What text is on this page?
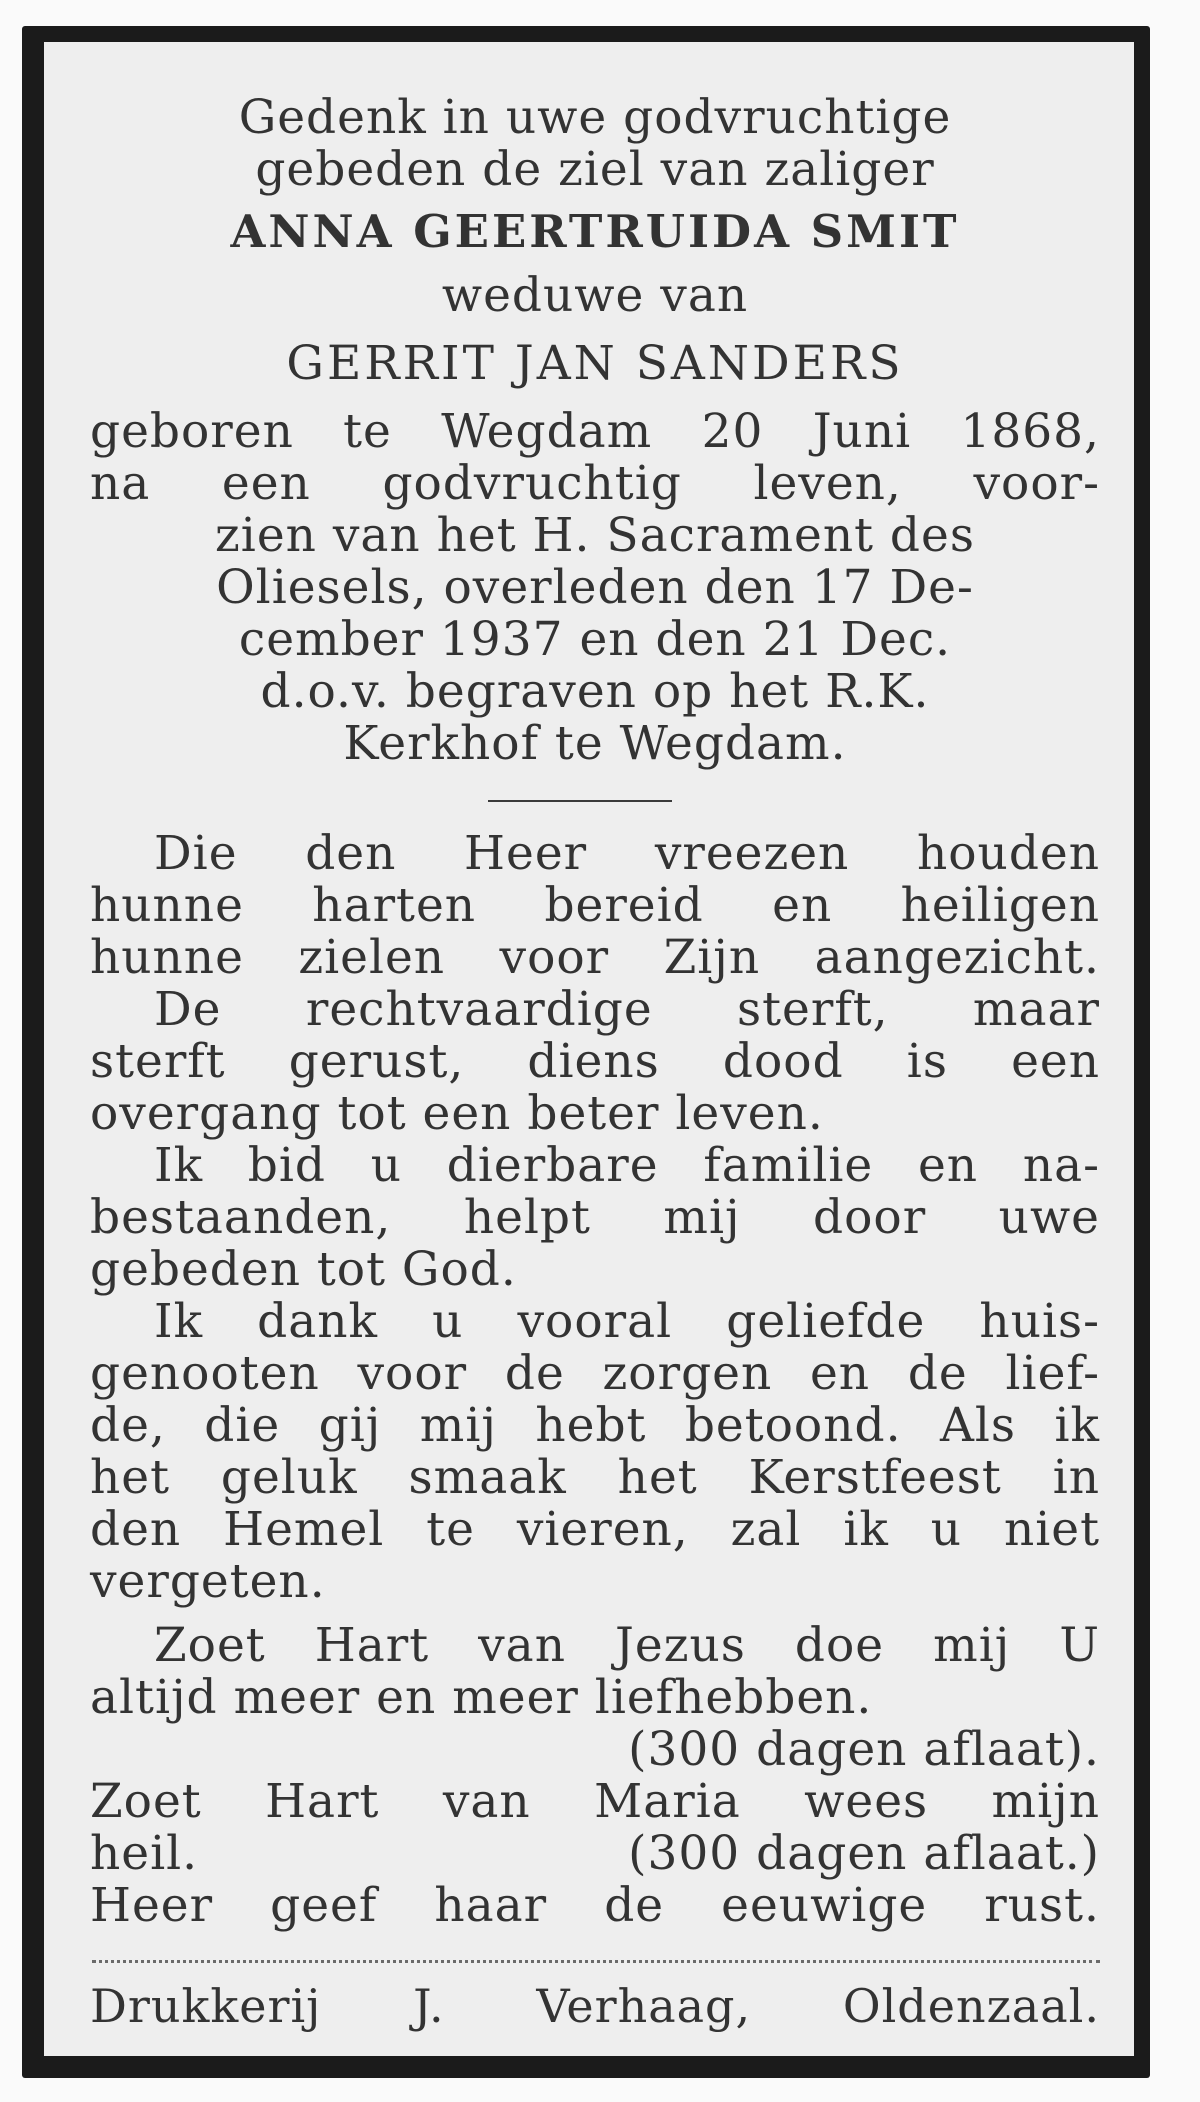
Gedenk in uwe godvruchtige
gebeden de ziel van zaliger
ANNA GEERTRUIDA SMIT
weduwe van
GERRIT JAN SANDERS
geboren te Wegdam 20 Juni 1868,
na een godvruchtig leven, voor-
zien van het H. Sacrament des
Oliesels, overleden den 17 De-
cember 1937 en den 21 Dec.
d.o.v. begraven op het R.K.
Kerkhof te Wegdam.
Die den Heer vreezen houden
hunne harten bereid en heiligen
hunne zielen voor Zijn aangezicht.
De rechtvaardige sterft, maar
sterft gerust, diens dood is een
overgang tot een beter leven.
Ik bid u dierbare familie en na-
bestaanden, helpt mij door uwe
gebeden tot God.
Ik dank u vooral geliefde huis-
genooten voor de zorgen en de lief-
de, die gij mij hebt betoond. Als ik
het geluk smaak het Kerstfeest in
den Hemel te vieren, zal ik u niet
vergeten.
Zoet Hart van Jezus doe mij U
altijd meer en meer liefhebben.
(300 dagen aflaat).
Zoet Hart van Maria wees mijn
heil.	(300 dagen aflaat.)
Heer geef haar de eeuwige rust.
Drukkerij J. Verhaag, Oldenzaal.
